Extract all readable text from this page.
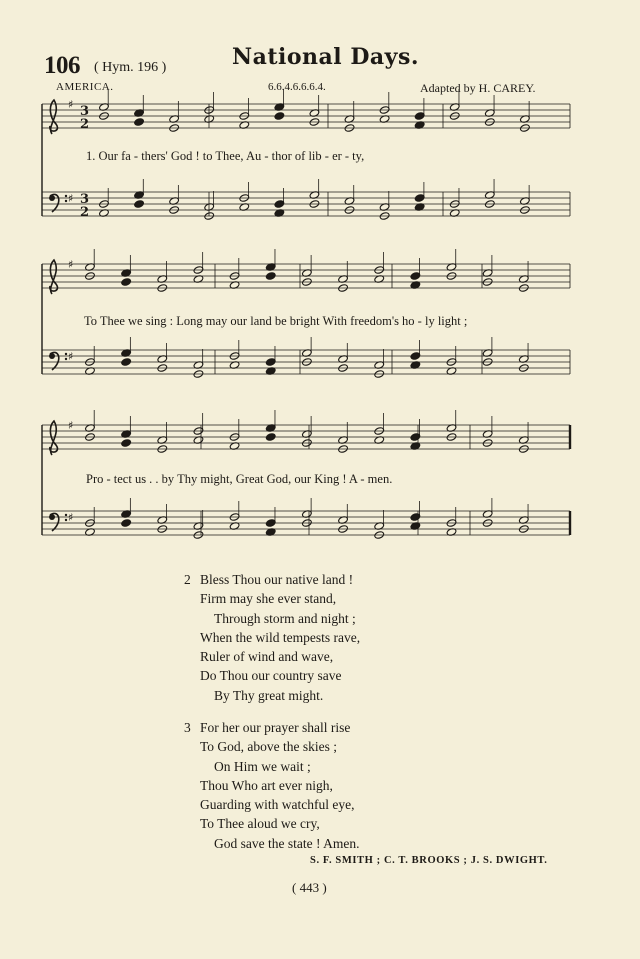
106 ( Hym. 196 )	National Days.
AMERICA.	6.6.4.6.6.6.4.	Adapted by H. CAREY.
♯ 3
2
♯ 3
2
♯
♯
♯
♯
1. Our fa - thers' God ! to Thee, Au - thor of lib - er - ty,
To Thee we sing : Long may our land be bright With freedom's ho - ly light ;
Pro - tect us . . by Thy might, Great God, our King ! A - men.
2 Bless Thou our native land !
Firm may she ever stand,
Through storm and night ;
When the wild tempests rave,
Ruler of wind and wave,
Do Thou our country save
By Thy great might.
3 For her our prayer shall rise
To God, above the skies ;
On Him we wait ;
Thou Who art ever nigh,
Guarding with watchful eye,
To Thee aloud we cry,
God save the state ! Amen.
S. F. SMITH ; C. T. BROOKS ; J. S. DWIGHT.
( 443 )
